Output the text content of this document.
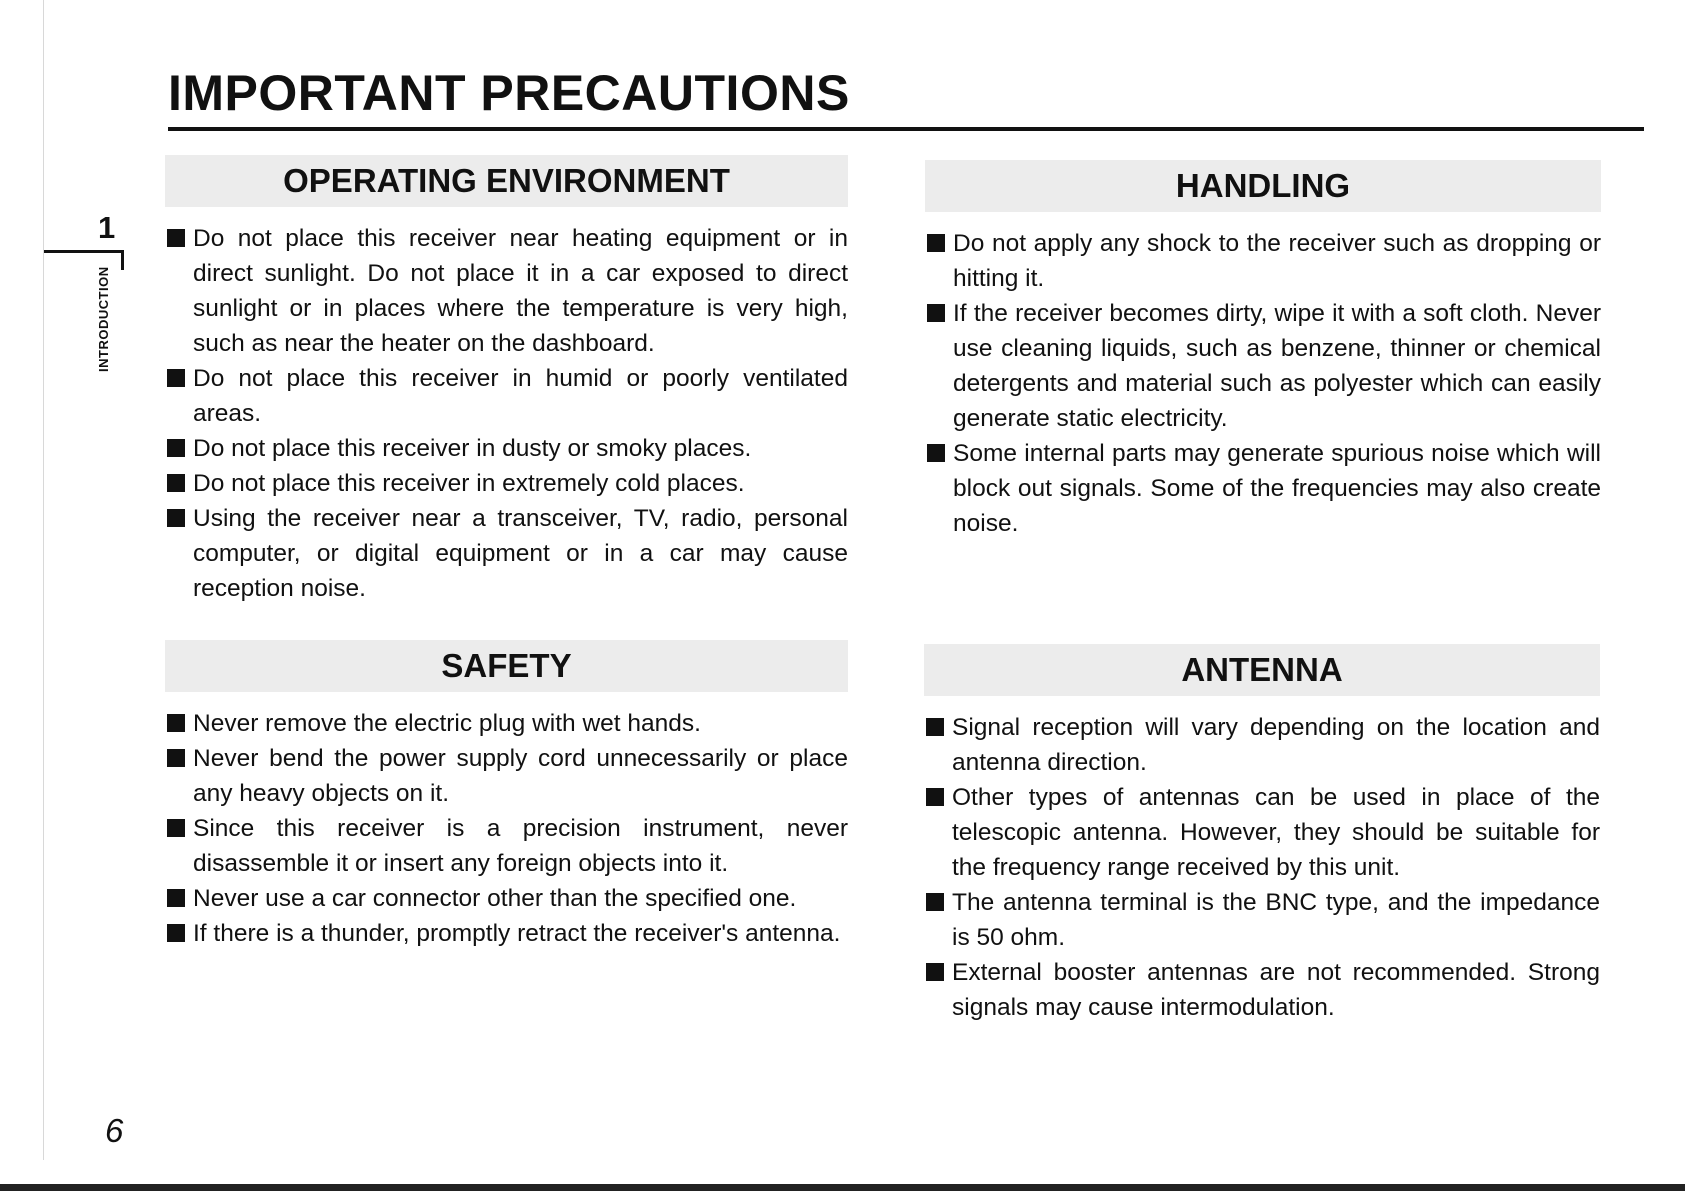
IMPORTANT PRECAUTIONS
1
INTRODUCTION
OPERATING ENVIRONMENT
Do not place this receiver near heating equipment or in direct sunlight. Do not place it in a car exposed to direct sunlight or in places where the temperature is very high, such as near the heater on the dashboard.
Do not place this receiver in humid or poorly ventilated areas.
Do not place this receiver in dusty or smoky places.
Do not place this receiver in extremely cold places.
Using the receiver near a transceiver, TV, radio, personal computer, or digital equipment or in a car may cause reception noise.
HANDLING
Do not apply any shock to the receiver such as dropping or hitting it.
If the receiver becomes dirty, wipe it with a soft cloth. Never use cleaning liquids, such as benzene, thinner or chemical detergents and material such as polyester which can easily generate static electricity.
Some internal parts may generate spurious noise which will block out signals. Some of the frequencies may also create noise.
SAFETY
Never remove the electric plug with wet hands.
Never bend the power supply cord unnecessarily or place any heavy objects on it.
Since this receiver is a precision instrument, never disassemble it or insert any foreign objects into it.
Never use a car connector other than the specified one.
If there is a thunder, promptly retract the receiver's antenna.
ANTENNA
Signal reception will vary depending on the location and antenna direction.
Other types of antennas can be used in place of the telescopic antenna. However, they should be suitable for the frequency range received by this unit.
The antenna terminal is the BNC type, and the impedance is 50 ohm.
External booster antennas are not recommended. Strong signals may cause intermodulation.
6
